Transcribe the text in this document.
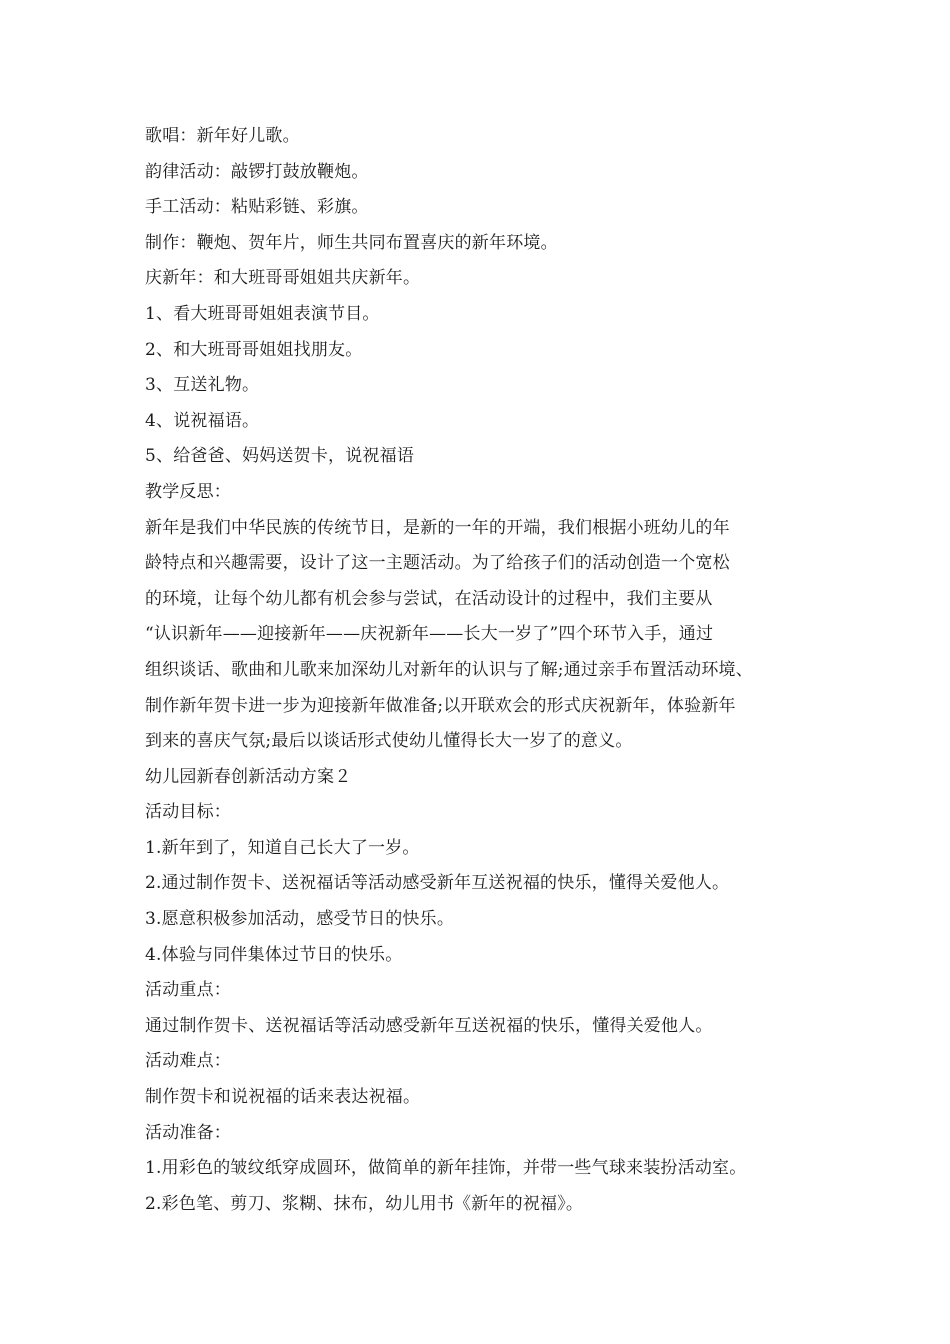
歌唱：新年好儿歌。
韵律活动：敲锣打鼓放鞭炮。
手工活动：粘贴彩链、彩旗。
制作：鞭炮、贺年片，师生共同布置喜庆的新年环境。
庆新年：和大班哥哥姐姐共庆新年。
1、看大班哥哥姐姐表演节目。
2、和大班哥哥姐姐找朋友。
3、互送礼物。
4、说祝福语。
5、给爸爸、妈妈送贺卡，说祝福语
教学反思：
新年是我们中华民族的传统节日，是新的一年的开端，我们根据小班幼儿的年
龄特点和兴趣需要，设计了这一主题活动。为了给孩子们的活动创造一个宽松
的环境，让每个幼儿都有机会参与尝试，在活动设计的过程中，我们主要从
“认识新年——迎接新年——庆祝新年——长大一岁了”四个环节入手，通过
组织谈话、歌曲和儿歌来加深幼儿对新年的认识与了解;通过亲手布置活动环境、
制作新年贺卡进一步为迎接新年做准备;以开联欢会的形式庆祝新年，体验新年
到来的喜庆气氛;最后以谈话形式使幼儿懂得长大一岁了的意义。
幼儿园新春创新活动方案２
活动目标：
1.新年到了，知道自己长大了一岁。
2.通过制作贺卡、送祝福话等活动感受新年互送祝福的快乐，懂得关爱他人。
3.愿意积极参加活动，感受节日的快乐。
4.体验与同伴集体过节日的快乐。
活动重点：
通过制作贺卡、送祝福话等活动感受新年互送祝福的快乐，懂得关爱他人。
活动难点：
制作贺卡和说祝福的话来表达祝福。
活动准备：
1.用彩色的皱纹纸穿成圆环，做简单的新年挂饰，并带一些气球来装扮活动室。
2.彩色笔、剪刀、浆糊、抹布，幼儿用书《新年的祝福》。
